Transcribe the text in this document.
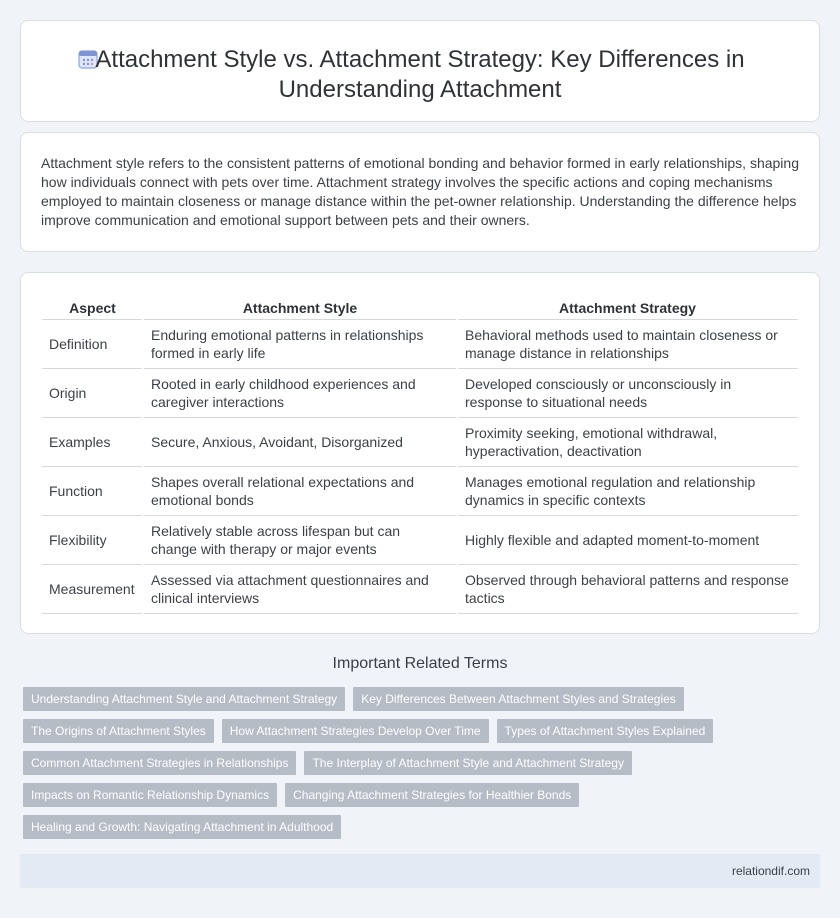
Attachment Style vs. Attachment Strategy: Key Differences in Understanding Attachment

Attachment style refers to the consistent patterns of emotional bonding and behavior formed in early relationships, shaping how individuals connect with pets over time. Attachment strategy involves the specific actions and coping mechanisms employed to maintain closeness or manage distance within the pet-owner relationship. Understanding the difference helps improve communication and emotional support between pets and their owners.

Aspect	Attachment Style	Attachment Strategy
Definition	Enduring emotional patterns in relationships formed in early life	Behavioral methods used to maintain closeness or manage distance in relationships
Origin	Rooted in early childhood experiences and caregiver interactions	Developed consciously or unconsciously in response to situational needs
Examples	Secure, Anxious, Avoidant, Disorganized	Proximity seeking, emotional withdrawal, hyperactivation, deactivation
Function	Shapes overall relational expectations and emotional bonds	Manages emotional regulation and relationship dynamics in specific contexts
Flexibility	Relatively stable across lifespan but can change with therapy or major events	Highly flexible and adapted moment-to-moment
Measurement	Assessed via attachment questionnaires and clinical interviews	Observed through behavioral patterns and response tactics
Important Related Terms
Understanding Attachment Style and Attachment Strategy	Key Differences Between Attachment Styles and Strategies
The Origins of Attachment Styles	How Attachment Strategies Develop Over Time	Types of Attachment Styles Explained
Common Attachment Strategies in Relationships	The Interplay of Attachment Style and Attachment Strategy
Impacts on Romantic Relationship Dynamics	Changing Attachment Strategies for Healthier Bonds
Healing and Growth: Navigating Attachment in Adulthood
relationdif.com
